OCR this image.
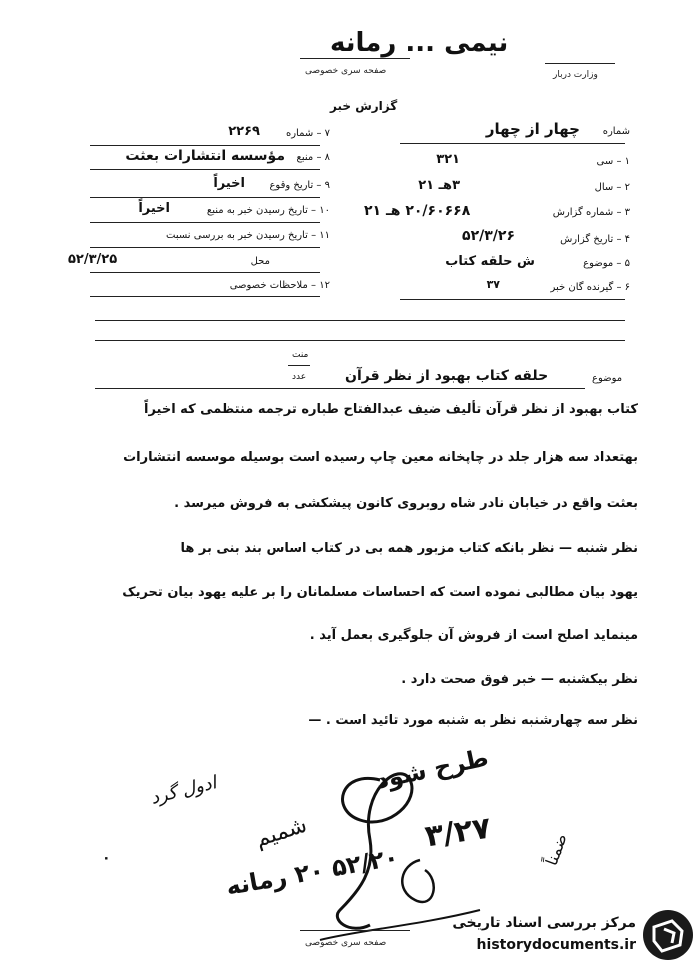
نیمی ... رمانه
صفحه سری خصوصی	وزارت دربار
گزارش خبر
۷ – شماره
۲۲۶۹
۸ – منبع
مؤسسه انتشارات بعثت
۹ – تاریخ وقوع
اخیراً
۱۰ – تاریخ رسیدن خبر به منبع
اخیراً
۱۱ – تاریخ رسیدن خبر به بررسی نسبت
محل
۵۲/۳/۲۵
۱۲ – ملاحظات خصوصی
شماره
چهار از چهار
۱ – سی
۳۲۱
۲ – سال
۳هـ ۲۱
۳ – شماره گزارش
۲۰/۶۰۶۶۸ هـ ۲۱
۴ – تاریخ گزارش
۵۲/۳/۲۶
۵ – موضوع
ش حلقه کتاب
۶ – گیرنده گان خبر
۳۷
موضوع
حلقه کتاب بهبود از نظر قرآن
منت
عدد
کتاب بهبود از نظر قرآن تألیف ضیف عبدالفتاح طباره ترجمه منتظمی که اخیراً
بهتعداد سه هزار جلد در چاپخانه معین چاپ رسیده است بوسیله موسسه انتشارات
بعثت واقع در خیابان نادر شاه روبروی کانون پیشکشی به فروش میرسد .
نظر شنبه — نظر بانکه کتاب مزبور همه بی در کتاب اساس بند بنی بر ها
یهود بیان مطالبی نموده است که احساسات مسلمانان را بر علیه یهود بیان تحریک
مینماید اصلح است از فروش آن جلوگیری بعمل آید .
نظر بیکشنبه — خبر فوق صحت دارد .
نظر سه چهارشنبه نظر به شنبه مورد تائید است . —
طرح شود
ادول گرد
۳/۲۷
۵۲/۲۰ ۲۰ رمانه
شمیم	ضمناً
٠
صفحه سری خصوصی
مرکز بررسی اسناد تاریخی
historydocuments.ir
